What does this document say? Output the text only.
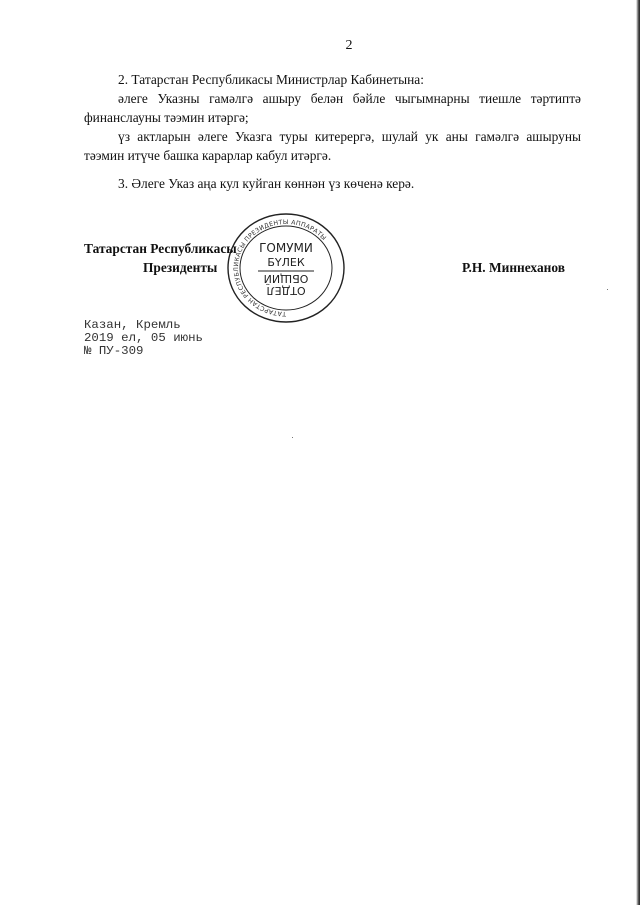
2
2. Татарстан Республикасы Министрлар Кабинетына:
әлеге Указны гамәлгә ашыру белән бәйле чыгымнарны тиешле тәртиптә финанслауны тәэмин итәргә;
үз актларын әлеге Указга туры китерергә, шулай ук аны гамәлгә ашыруны тәэмин итүче башка карарлар кабул итәргә.
3. Әлеге Указ аңа кул куйган көннән үз көченә керә.
ТАТАРСТАН РЕСПУБЛИКАСЫ ПРЕЗИДЕНТЫ АППАРАТЫ
ГОМУМИ
БҮЛЕК
ОБЩИЙ
ОТДЕЛ
Татарстан Республикасы
Президенты	Р.Н. Миннеханов
Казан, Кремль
2019 ел, 05 июнь
№ ПУ-309
